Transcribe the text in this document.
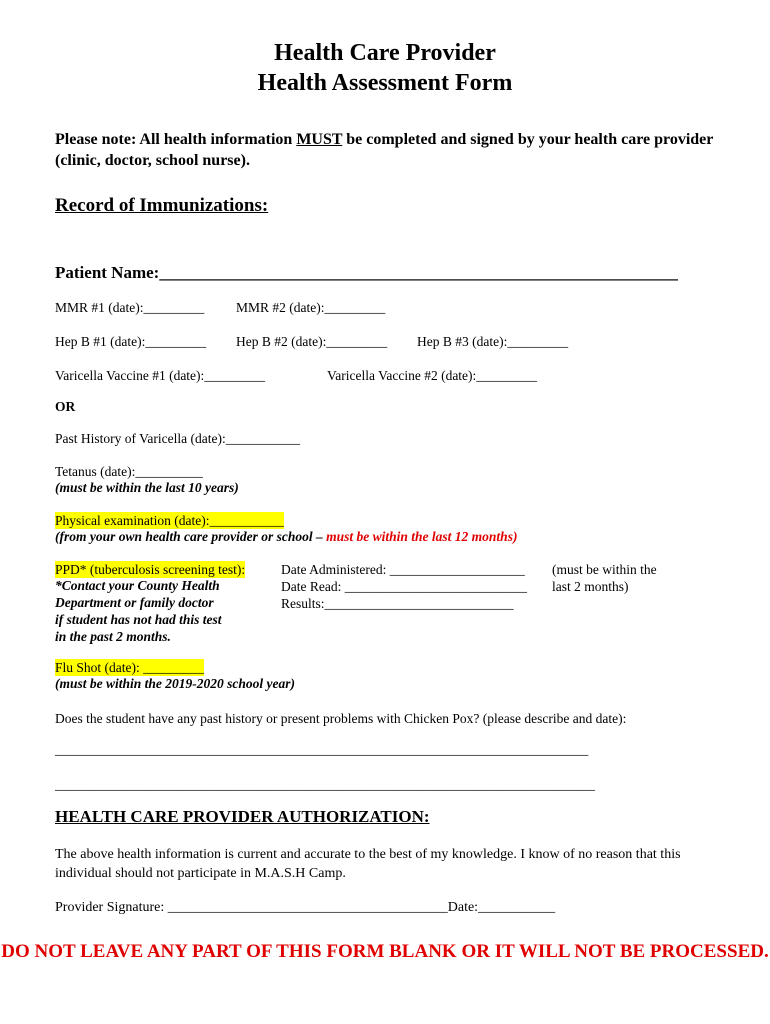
Health Care Provider
Health Assessment Form
Please note: All health information MUST be completed and signed by your health care provider (clinic, doctor, school nurse).
Record of Immunizations:
Patient Name:_____________________________________________________________
MMR #1 (date):_________ MMR #2 (date):_________
Hep B #1 (date):_________ Hep B #2 (date):_________ Hep B #3 (date):_________
Varicella Vaccine #1 (date):_________	Varicella Vaccine #2 (date):_________
OR
Past History of Varicella (date):___________
Tetanus (date):__________
(must be within the last 10 years)
Physical examination (date):___________
(from your own health care provider or school – must be within the last 12 months)
PPD* (tuberculosis screening test):
*Contact your County Health
Department or family doctor
if student has not had this test
in the past 2 months.
Date Administered: ____________________
Date Read: ___________________________
Results:____________________________
(must be within the
last 2 months)
Flu Shot (date): _________
(must be within the 2019-2020 school year)
Does the student have any past history or present problems with Chicken Pox? (please describe and date):
_______________________________________________________________________________
________________________________________________________________________________
HEALTH CARE PROVIDER AUTHORIZATION:
The above health information is current and accurate to the best of my knowledge. I know of no reason that this individual should not participate in M.A.S.H Camp.
Provider Signature: ________________________________________Date:___________
DO NOT LEAVE ANY PART OF THIS FORM BLANK OR IT WILL NOT BE PROCESSED.
